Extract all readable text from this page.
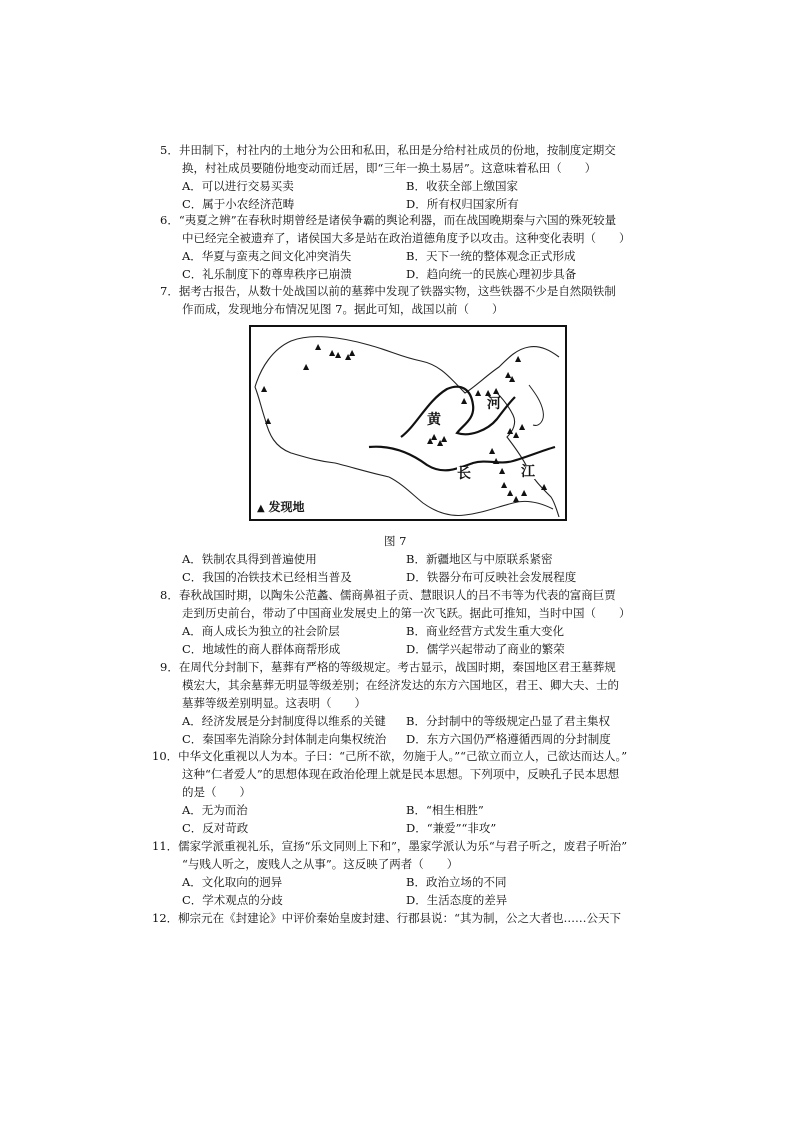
5．井田制下，村社内的土地分为公田和私田，私田是分给村社成员的份地，按制度定期交
换，村社成员要随份地变动而迁居，即“三年一换土易居”。这意味着私田（　　）
A．可以进行交易买卖	B．收获全部上缴国家
C．属于小农经济范畴	D．所有权归国家所有
6．“夷夏之辨”在春秋时期曾经是诸侯争霸的舆论利器，而在战国晚期秦与六国的殊死较量
中已经完全被遗弃了，诸侯国大多是站在政治道德角度予以攻击。这种变化表明（　　）
A．华夏与蛮夷之间文化冲突消失	B．天下一统的整体观念正式形成
C．礼乐制度下的尊卑秩序已崩溃	D．趋向统一的民族心理初步具备
7．据考古报告，从数十处战国以前的墓葬中发现了铁器实物，这些铁器不少是自然陨铁制
作而成，发现地分布情况见图 7。据此可知，战国以前（　　）
黄
河
长	江
▲
▲ ▲ ▲
▲
▲
▲
▲
▲
▲ ▲ ▲
▲
▲
▲
▲
▲
▲
▲
▲ ▲
▲
▲
▲
▲
▲
▲
▲
▲
▲
▲ 发现地
图 7
A．铁制农具得到普遍使用	B．新疆地区与中原联系紧密
C．我国的冶铁技术已经相当普及	D．铁器分布可反映社会发展程度
8．春秋战国时期，以陶朱公范蠡、儒商鼻祖子贡、慧眼识人的吕不韦等为代表的富商巨贾
走到历史前台，带动了中国商业发展史上的第一次飞跃。据此可推知，当时中国（　　）
A．商人成长为独立的社会阶层	B．商业经营方式发生重大变化
C．地域性的商人群体商帮形成	D．儒学兴起带动了商业的繁荣
9．在周代分封制下，墓葬有严格的等级规定。考古显示，战国时期，秦国地区君王墓葬规
模宏大，其余墓葬无明显等级差别；在经济发达的东方六国地区，君王、卿大夫、士的
墓葬等级差别明显。这表明（　　）
A．经济发展是分封制度得以维系的关键	B．分封制中的等级规定凸显了君主集权
C．秦国率先消除分封体制走向集权统治	D．东方六国仍严格遵循西周的分封制度
10．中华文化重视以人为本。子曰：“己所不欲，勿施于人。”“己欲立而立人，己欲达而达人。”
这种“仁者爱人”的思想体现在政治伦理上就是民本思想。下列项中，反映孔子民本思想
的是（　　）
A．无为而治	B．“相生相胜”
C．反对苛政	D．“兼爱”“非攻”
11．儒家学派重视礼乐，宣扬“乐文同则上下和”，墨家学派认为乐“与君子听之，废君子听治”
“与贱人听之，废贱人之从事”。这反映了两者（　　）
A．文化取向的迥异	B．政治立场的不同
C．学术观点的分歧	D．生活态度的差异
12．柳宗元在《封建论》中评价秦始皇废封建、行郡县说：“其为制，公之大者也……公天下
